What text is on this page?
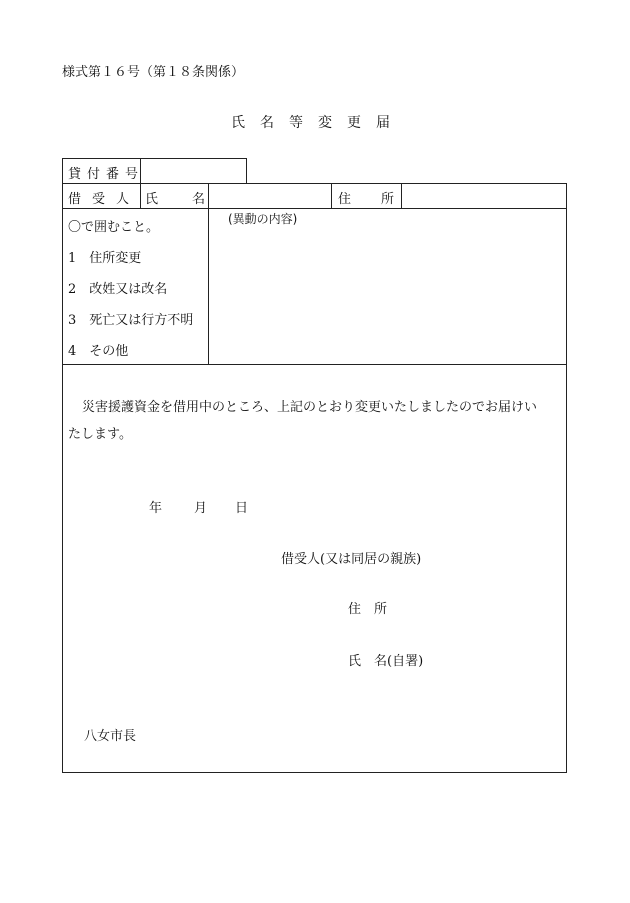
様式第１６号（第１８条関係）
氏名等変更届
貸付番号
借受人 氏名	住所
〇で囲むこと。
1　住所変更
2　改姓又は改名
3　死亡又は行方不明
4　その他
(異動の内容)
災害援護資金を借用中のところ、上記のとおり変更いたしましたのでお届けい
たします。
年 月 日
借受人(又は同居の親族)
住　所
氏　名(自署)
八女市長
